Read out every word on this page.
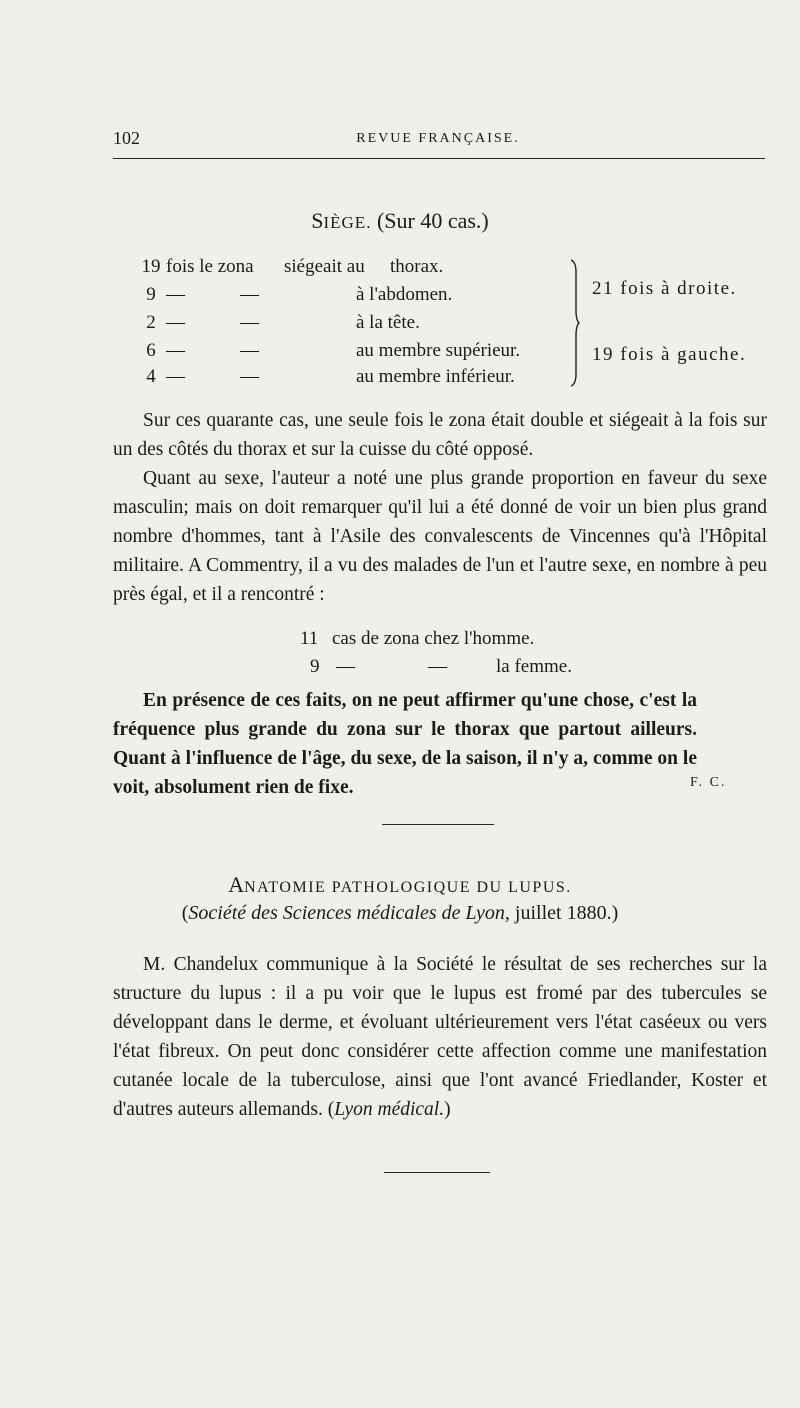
102	REVUE FRANÇAISE.
SIÈGE. (Sur 40 cas.)
19 fois le zona siégeait au thorax.
9 —	—	à l'abdomen.
2 —	—	à la tête.
6 —	—	au membre supérieur.
4 —	—	au membre inférieur.
21 fois à droite.
19 fois à gauche.

Sur ces quarante cas, une seule fois le zona était double et siégeait à la fois sur un des côtés du thorax et sur la cuisse du côté opposé.

Quant au sexe, l'auteur a noté une plus grande proportion en faveur du sexe masculin; mais on doit remarquer qu'il lui a été donné de voir un bien plus grand nombre d'hommes, tant à l'Asile des convalescents de Vincennes qu'à l'Hôpital militaire. A Commentry, il a vu des malades de l'un et l'autre sexe, en nombre à peu près égal, et il a rencontré :

11 cas de zona chez l'homme.
9 —	—	la femme.

En présence de ces faits, on ne peut affirmer qu'une chose, c'est la fréquence plus grande du zona sur le thorax que partout ailleurs. Quant à l'influence de l'âge, du sexe, de la saison, il n'y a, comme on le voit, absolument rien de fixe.	F. C.
ANATOMIE PATHOLOGIQUE DU LUPUS.
(Société des Sciences médicales de Lyon, juillet 1880.)

M. Chandelux communique à la Société le résultat de ses recherches sur la structure du lupus : il a pu voir que le lupus est fromé par des tubercules se développant dans le derme, et évoluant ultérieurement vers l'état caséeux ou vers l'état fibreux. On peut donc considérer cette affection comme une manifestation cutanée locale de la tuberculose, ainsi que l'ont avancé Friedlander, Koster et d'autres auteurs allemands. (Lyon médical.)
